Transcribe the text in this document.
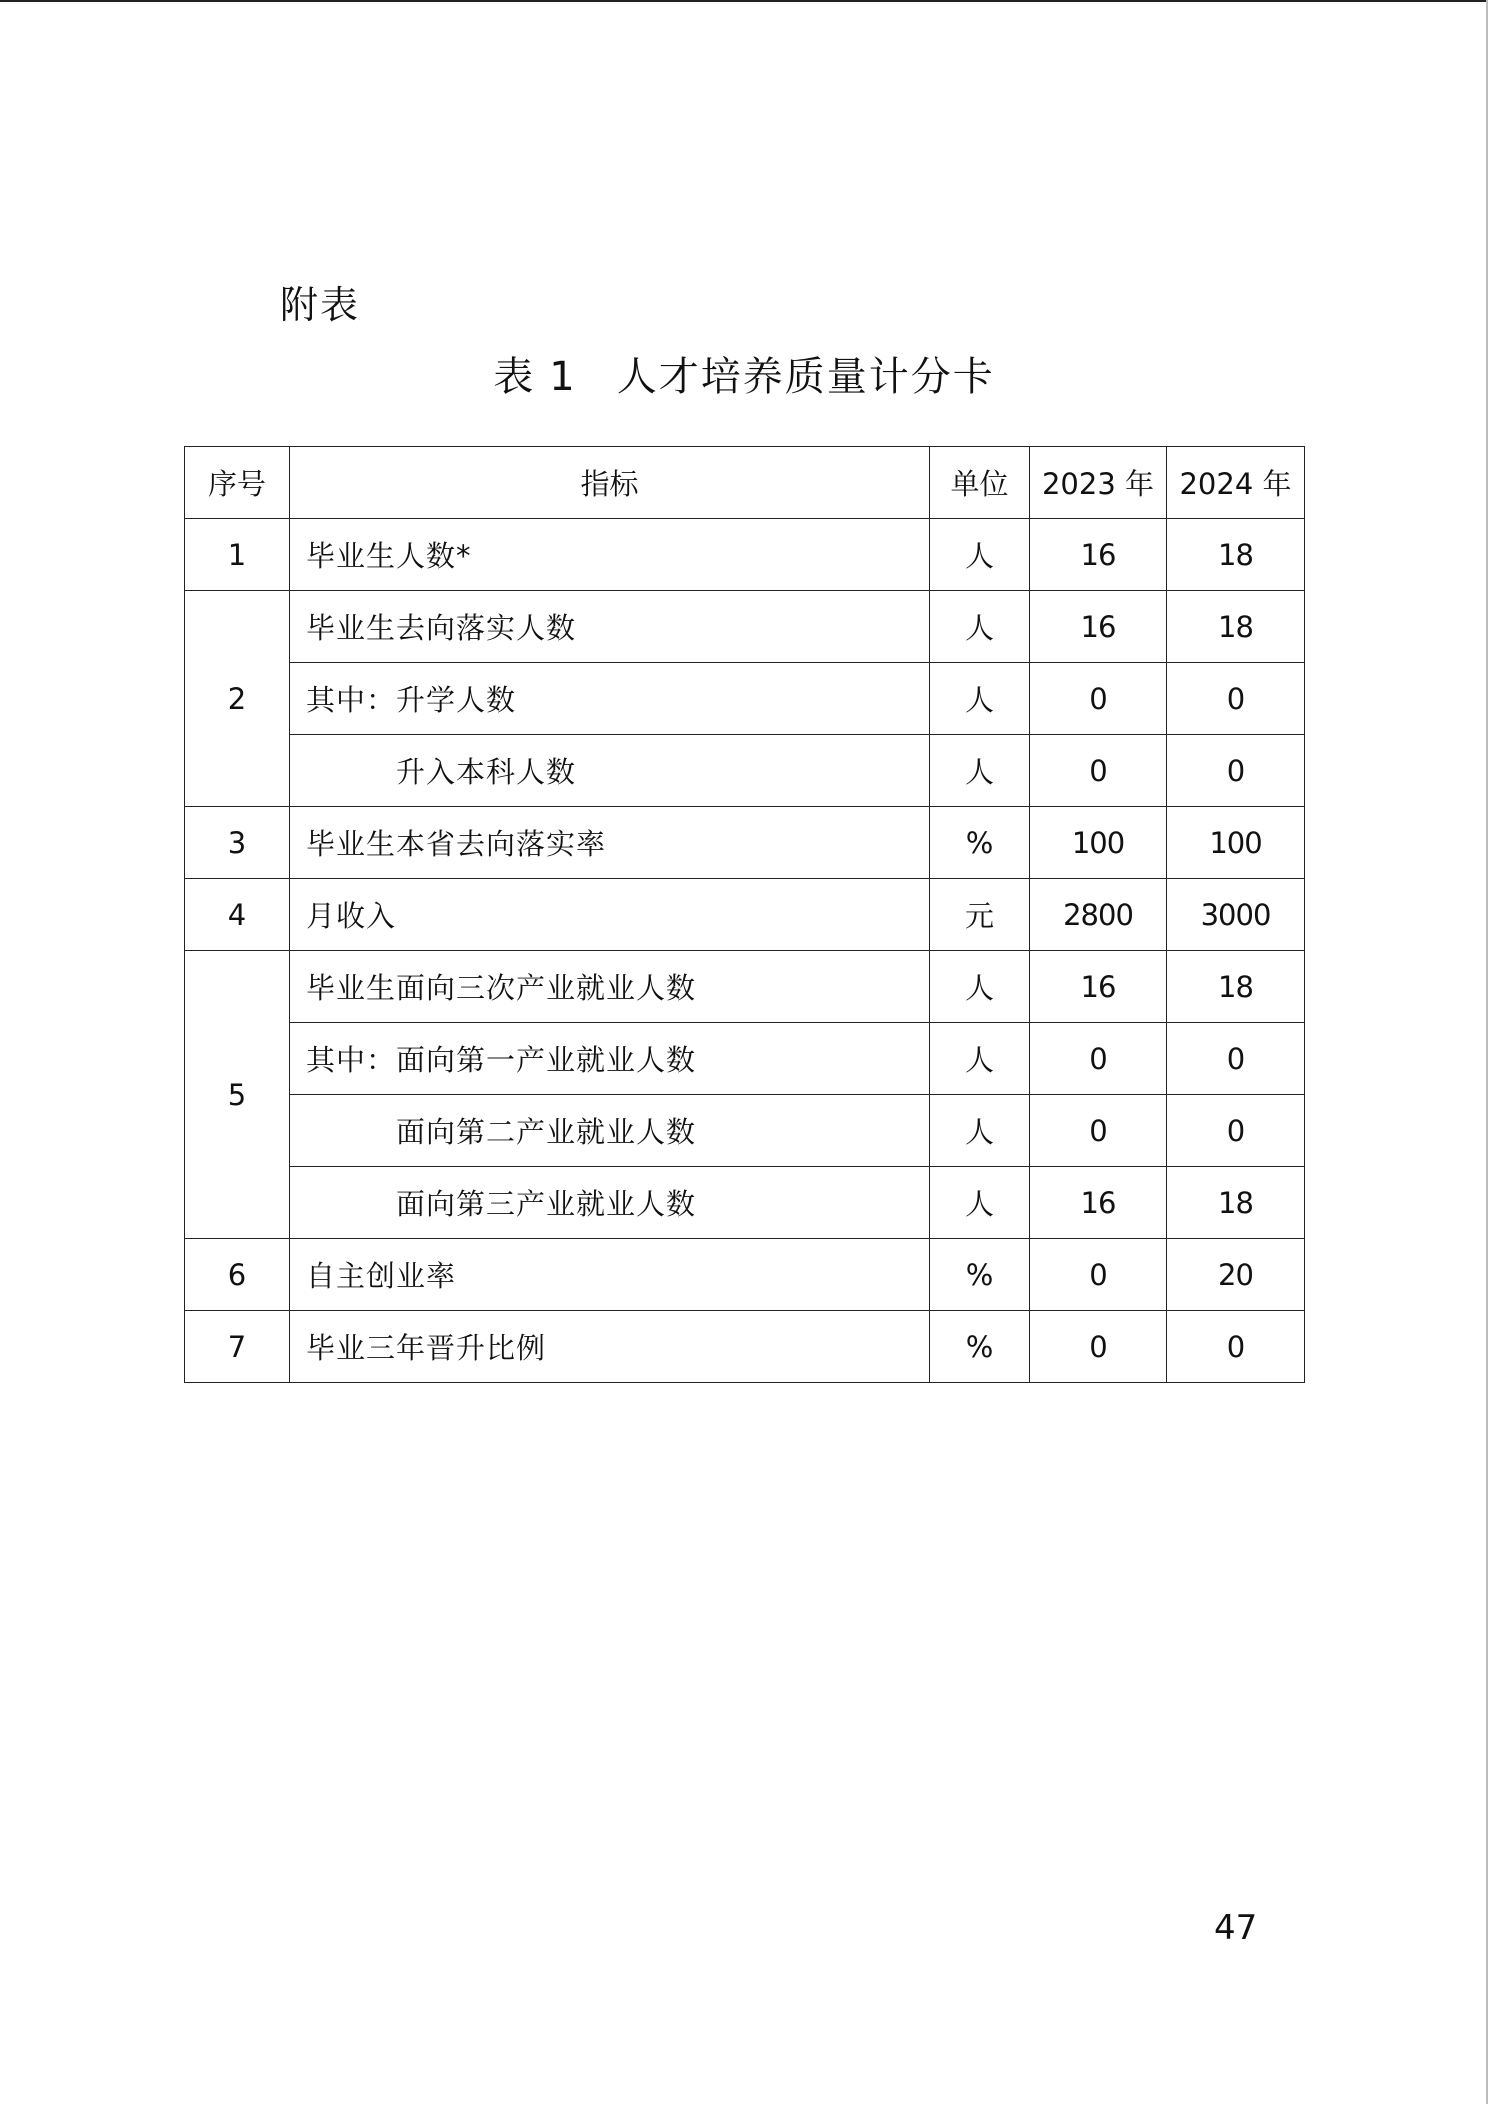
附表
表 1 人才培养质量计分卡
序号	指标	单位	2023 年	2024 年
1	毕业生人数*	人	16	18
2	毕业生去向落实人数	人	16	18
	其中：升学人数	人	0	0
	升入本科人数	人	0	0
3	毕业生本省去向落实率	%	100	100
4	月收入	元	2800	3000
5	毕业生面向三次产业就业人数	人	16	18
	其中：面向第一产业就业人数	人	0	0
	面向第二产业就业人数	人	0	0
	面向第三产业就业人数	人	16	18
6	自主创业率	%	0	20
7	毕业三年晋升比例	%	0	0
47
